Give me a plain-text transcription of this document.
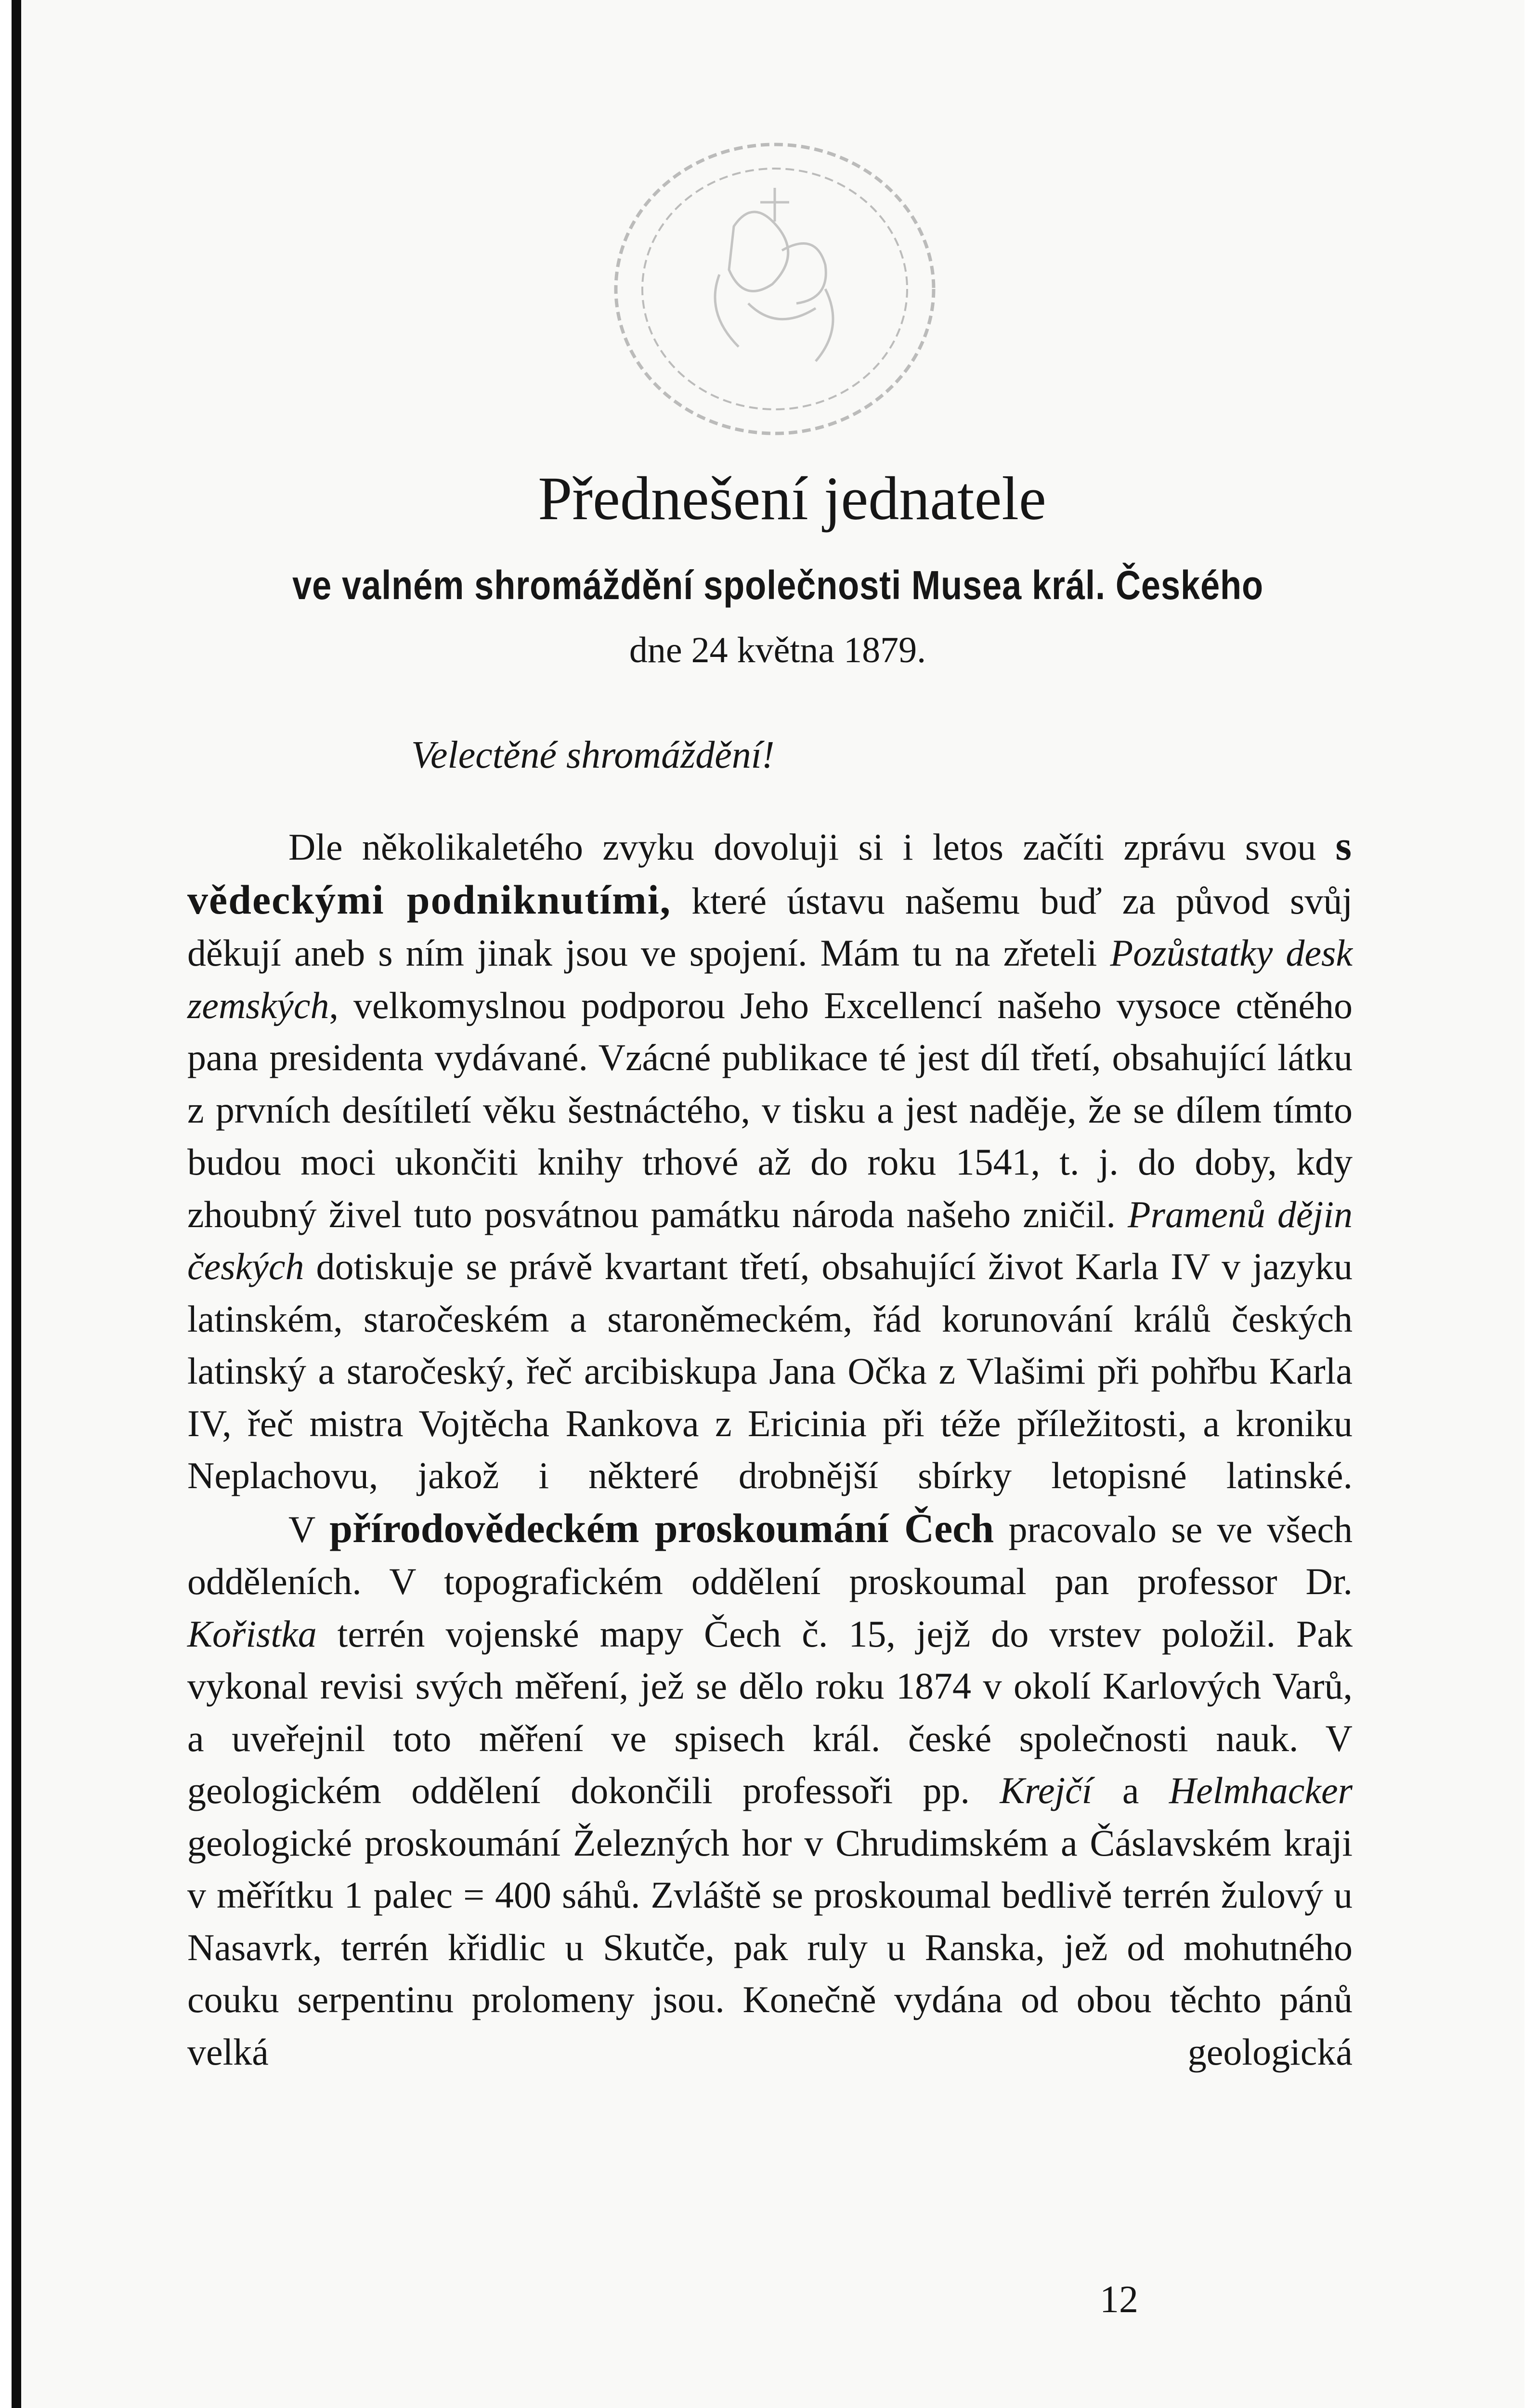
Přednešení jednatele
ve valném shromáždění společnosti Musea král. Českého
dne 24 května 1879.
Velectěné shromáždění!

Dle několikaletého zvyku dovoluji si i letos začíti zprávu svou s vědeckými podniknutími, které ústavu našemu buď za původ svůj děkují aneb s ním jinak jsou ve spojení. Mám tu na zřeteli Pozůstatky desk zemských, velkomyslnou podporou Jeho Excellencí našeho vysoce ctěného pana presidenta vydávané. Vzácné publikace té jest díl třetí, obsahující látku z prvních desítiletí věku šestnáctého, v tisku a jest naděje, že se dílem tímto budou moci ukončiti knihy trhové až do roku 1541, t. j. do doby, kdy zhoubný živel tuto posvátnou památku národa našeho zničil. Pramenů dějin českých dotiskuje se právě kvartant třetí, obsahující život Karla IV v jazyku latinském, staročeském a staroněmeckém, řád korunování králů českých latinský a staročeský, řeč arcibiskupa Jana Očka z Vlašimi při pohřbu Karla IV, řeč mistra Vojtěcha Rankova z Ericinia při téže příležitosti, a kroniku Neplachovu, jakož i některé drobnější sbírky letopisné latinské.

V přírodovědeckém proskoumání Čech pracovalo se ve všech odděleních. V topografickém oddělení proskoumal pan professor Dr. Kořistka terrén vojenské mapy Čech č. 15, jejž do vrstev položil. Pak vykonal revisi svých měření, jež se dělo roku 1874 v okolí Karlových Varů, a uveřejnil toto měření ve spisech král. české společnosti nauk. V geologickém oddělení dokončili professoři pp. Krejčí a Helmhacker geologické proskoumání Železných hor v Chrudimském a Čáslavském kraji v měřítku 1 palec = 400 sáhů. Zvláště se proskoumal bedlivě terrén žulový u Nasavrk, terrén křidlic u Skutče, pak ruly u Ranska, jež od mohutného couku serpentinu prolomeny jsou. Konečně vydána od obou těchto pánů velká geologická

12
